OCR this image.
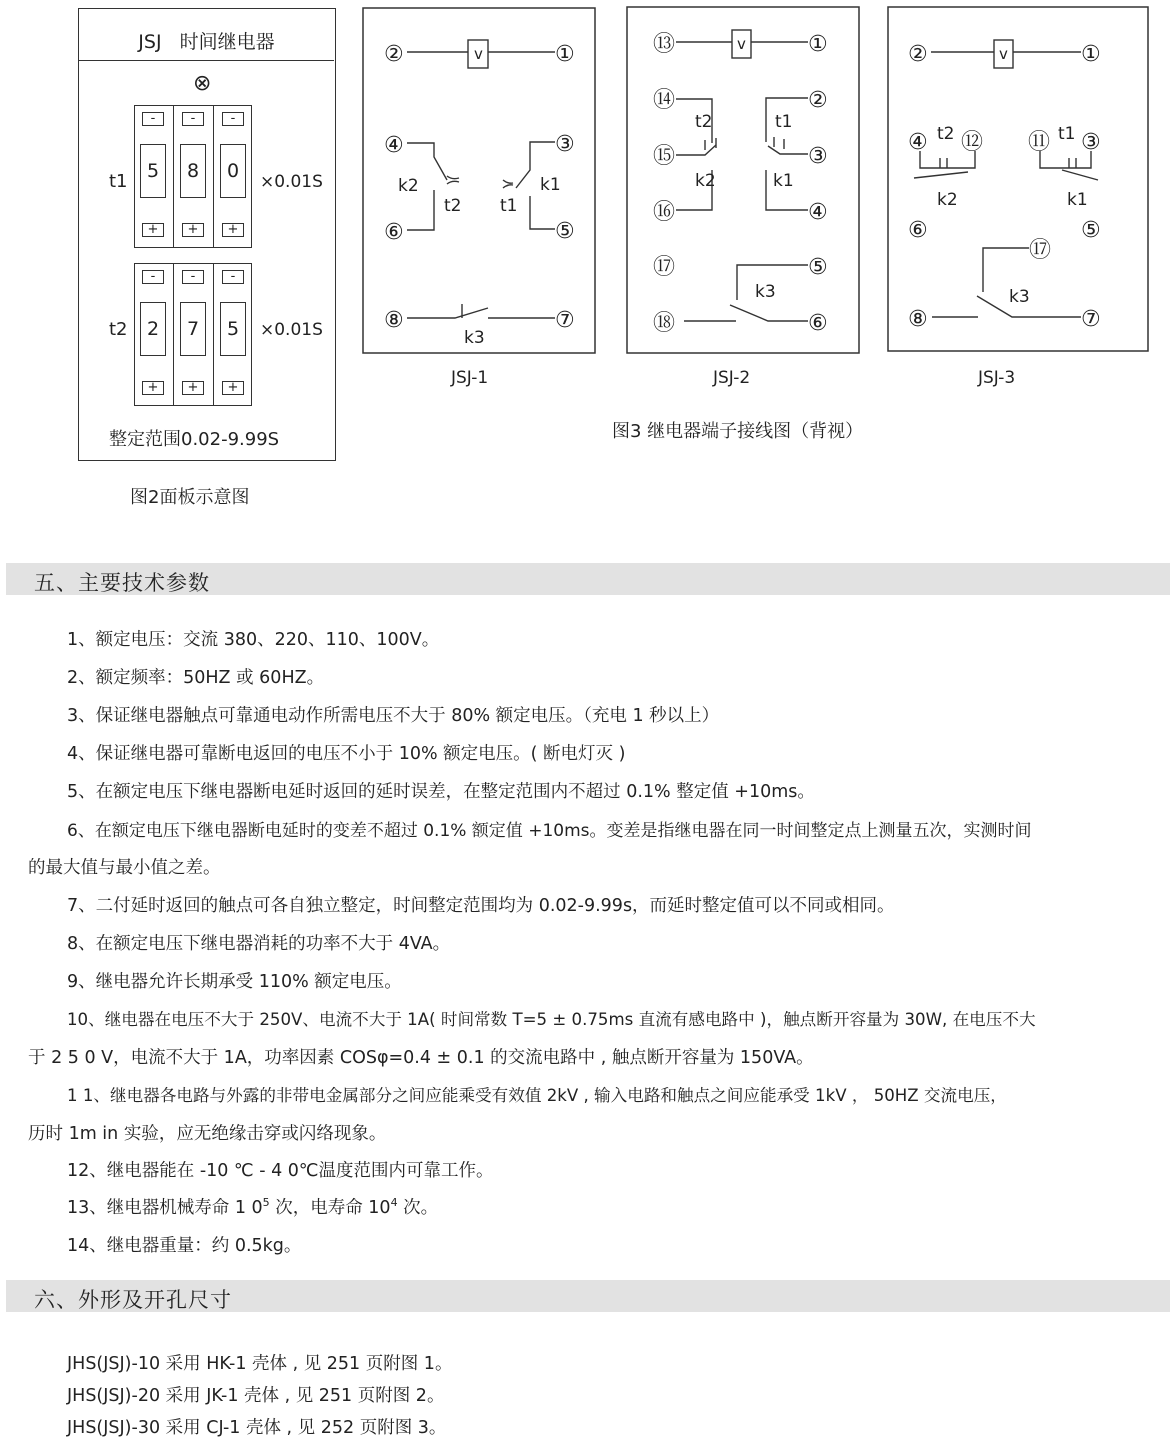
JSJ   时间继电器
⊗
t1
t2
×0.01S
×0.01S
整定范围0.02-9.99S
-
5
+
-
8
+
-
0
+
-
2
+
-
7
+
-
5
+
图2面板示意图
②	①
④	③
⑥	⑤
⑧	⑦
v
k2
t2 t1
k1
k3
⑬	①
⑭	②
⑮	③
⑯	④
⑰	⑤
⑱	⑥
v
t2	t1
k2	k1
k3
②	①
④ ⑫ ⑪ ③
⑥	⑤
⑰
⑧	⑦
v
t2	t1
k2	k1
k3
JSJ-1	JSJ-2	JSJ-3
图3 继电器端子接线图（背视）
五、主要技术参数
1、额定电压：交流 380、220、110、100V。
2、额定频率：50HZ 或 60HZ。
3、保证继电器触点可靠通电动作所需电压不大于 80% 额定电压。（充电 1 秒以上）
4、保证继电器可靠断电返回的电压不小于 10% 额定电压。( 断电灯灭 )
5、在额定电压下继电器断电延时返回的延时误差，在整定范围内不超过 0.1% 整定值 +10ms。
6、在额定电压下继电器断电延时的变差不超过 0.1% 额定值 +10ms。变差是指继电器在同一时间整定点上测量五次，实测时间
的最大值与最小值之差。
7、二付延时返回的触点可各自独立整定，时间整定范围均为 0.02-9.99s，而延时整定值可以不同或相同。
8、在额定电压下继电器消耗的功率不大于 4VA。
9、继电器允许长期承受 110% 额定电压。
10、继电器在电压不大于 250V、电流不大于 1A( 时间常数 T=5 ± 0.75ms 直流有感电路中 )，触点断开容量为 30W, 在电压不大
于 2 5 0 V，电流不大于 1A，功率因素 COSφ=0.4 ± 0.1 的交流电路中 , 触点断开容量为 150VA。
1 1、继电器各电路与外露的非带电金属部分之间应能乘受有效值 2kV , 输入电路和触点之间应能承受 1kV ， 50HZ 交流电压，
历时 1m in 实验，应无绝缘击穿或闪络现象。
12、继电器能在 -10 ℃ - 4 0℃温度范围内可靠工作。
13、继电器机械寿命 1 $0^5$ 次，电寿命 $10^4$ 次。
14、继电器重量：约 0.5kg。
六、外形及开孔尺寸
JHS(JSJ)-10 采用 HK-1 壳体 , 见 251 页附图 1。
JHS(JSJ)-20 采用 JK-1 壳体 , 见 251 页附图 2。
JHS(JSJ)-30 采用 CJ-1 壳体 , 见 252 页附图 3。
